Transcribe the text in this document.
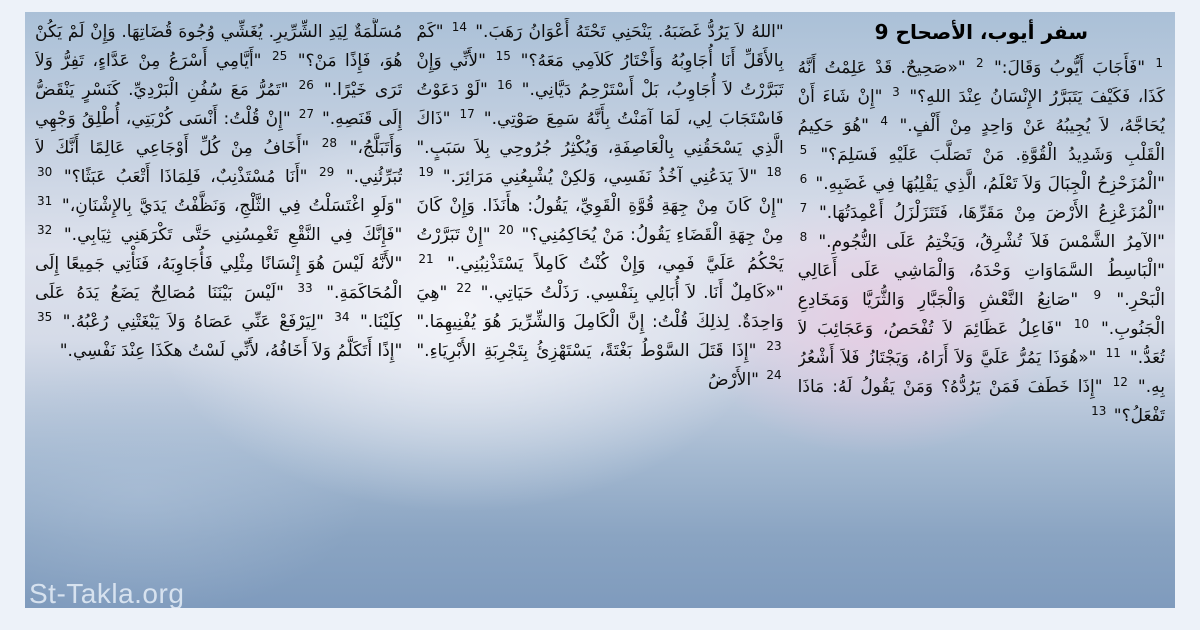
سفر أيوب، الأصحاح 9
$^1$ "فَأَجَابَ أَيُّوبُ وَقَالَ:" $^2$ "«صَحِيحٌ. قَدْ عَلِمْتُ أَنَّهُ كَذَا، فَكَيْفَ يَتَبَرَّرُ الإِنْسَانُ عِنْدَ اللهِ؟" $^3$ "إِنْ شَاءَ أَنْ يُحَاجَّهُ، لاَ يُجِيبُهُ عَنْ وَاحِدٍ مِنْ أَلْفٍ." $^4$ "هُوَ حَكِيمُ الْقَلْبِ وَشَدِيدُ الْقُوَّةِ. مَنْ تَصَلَّبَ عَلَيْهِ فَسَلِمَ؟" $^5$ "الْمُزَحْزِحُ الْجِبَالَ وَلاَ تَعْلَمُ، الَّذِي يَقْلِبُهَا فِي غَضَبِهِ." $^6$ "الْمُزَعْزِعُ الأَرْضَ مِنْ مَقَرِّهَا، فَتَتَزَلْزَلُ أَعْمِدَتُهَا." $^7$ "الآمِرُ الشَّمْسَ فَلاَ تُشْرِقُ، وَيَخْتِمُ عَلَى النُّجُومِ." $^8$ "الْبَاسِطُ السَّمَاوَاتِ وَحْدَهُ، وَالْمَاشِي عَلَى أَعَالِي الْبَحْرِ." $^9$ "صَانِعُ النَّعْشِ وَالْجَبَّارِ وَالثُّرَيَّا وَمَخَادِعِ الْجَنُوبِ." $^{10}$ "فَاعِلُ عَظَائِمَ لاَ تُفْحَصُ، وَعَجَائِبَ لاَ تُعَدُّ." $^{11}$ "«هُوَذَا يَمُرُّ عَلَيَّ وَلاَ أَرَاهُ، وَيَجْتَازُ فَلاَ أَشْعُرُ بِهِ." $^{12}$ "إِذَا خَطَفَ فَمَنْ يَرُدُّهُ؟ وَمَنْ يَقُولُ لَهُ: مَاذَا تَفْعَلُ؟" $^{13}$
"اللهُ لاَ يَرُدُّ غَضَبَهُ. يَنْحَنِي تَحْتَهُ أَعْوَانُ رَهَبَ." $^{14}$ "كَمْ بِالأَقَلِّ أَنَا أُجَاوِبُهُ وَأَخْتَارُ كَلاَمِي مَعَهُ؟" $^{15}$ "لأَنِّي وَإِنْ تَبَرَّرْتُ لاَ أُجَاوِبُ، بَلْ أَسْتَرْحِمُ دَيَّانِي." $^{16}$ "لَوْ دَعَوْتُ فَاسْتَجَابَ لِي، لَمَا آمَنْتُ بِأَنَّهُ سَمِعَ صَوْتِي." $^{17}$ "ذَاكَ الَّذِي يَسْحَقُنِي بِالْعَاصِفَةِ، وَيُكْثِرُ جُرُوحِي بِلاَ سَبَبٍ." $^{18}$ "لاَ يَدَعُنِي آخُذُ نَفَسِي، وَلكِنْ يُشْبِعُنِي مَرَائِرَ." $^{19}$ "إِنْ كَانَ مِنْ جِهَةِ قُوَّةِ الْقَوِيِّ، يَقُولُ: هأَنَذَا. وَإِنْ كَانَ مِنْ جِهَةِ الْقَضَاءِ يَقُولُ: مَنْ يُحَاكِمُنِي؟" $^{20}$ "إِنْ تَبَرَّرْتُ يَحْكُمُ عَلَيَّ فَمِي، وَإِنْ كُنْتُ كَامِلاً يَسْتَذْنِبُنِي." $^{21}$ "«كَامِلٌ أَنَا. لاَ أُبَالِي بِنَفْسِي. رَذَلْتُ حَيَاتِي." $^{22}$ "هِيَ وَاحِدَةٌ. لِذلِكَ قُلْتُ: إِنَّ الْكَامِلَ وَالشِّرِّيرَ هُوَ يُفْنِيهِمَا." $^{23}$ "إِذَا قَتَلَ السَّوْطُ بَغْتَةً، يَسْتَهْزِئُ بِتَجْرِبَةِ الأَبْرِيَاءِ." $^{24}$ "الأَرْضُ
مُسَلَّمَةٌ لِيَدِ الشِّرِّيرِ. يُغَشِّي وُجُوهَ قُضَاتِهَا. وَإِنْ لَمْ يَكُنْ هُوَ، فَإِذًا مَنْ؟" $^{25}$ "أَيَّامِي أَسْرَعُ مِنْ عَدَّاءٍ، تَفِرُّ وَلاَ تَرَى خَيْرًا." $^{26}$ "تَمُرُّ مَعَ سُفُنِ الْبَرْدِيِّ. كَنَسْرٍ يَنْقَضُّ إِلَى قَنَصِهِ." $^{27}$ "إِنْ قُلْتُ: أَنْسَى كُرْبَتِي، أُطْلِقُ وَجْهِي وَأَتَبَلَّجُ،" $^{28}$ "أَخَافُ مِنْ كُلِّ أَوْجَاعِي عَالِمًا أَنَّكَ لاَ تُبَرِّئُنِي." $^{29}$ "أَنَا مُسْتَذْنِبٌ، فَلِمَاذَا أَتْعَبُ عَبَثًا؟" $^{30}$ "وَلَوِ اغْتَسَلْتُ فِي الثَّلْجِ، وَنَظَّفْتُ يَدَيَّ بِالإِشْنَانِ،" $^{31}$ "فَإِنَّكَ فِي النَّقْعِ تَغْمِسُنِي حَتَّى تَكْرَهَنِي ثِيَابِي." $^{32}$ "لأَنَّهُ لَيْسَ هُوَ إِنْسَانًا مِثْلِي فَأُجَاوِبَهُ، فَنَأْتِي جَمِيعًا إِلَى الْمُحَاكَمَةِ." $^{33}$ "لَيْسَ بَيْنَنَا مُصَالِحٌ يَضَعُ يَدَهُ عَلَى كِلَيْنَا." $^{34}$ "لِيَرْفَعْ عَنِّي عَصَاهُ وَلاَ يَبْغَتْنِي رُعْبُهُ." $^{35}$ "إِذًا أَتَكَلَّمُ وَلاَ أَخَافُهُ، لأَنِّي لَسْتُ هكَذَا عِنْدَ نَفْسِي."
St-Takla.org
